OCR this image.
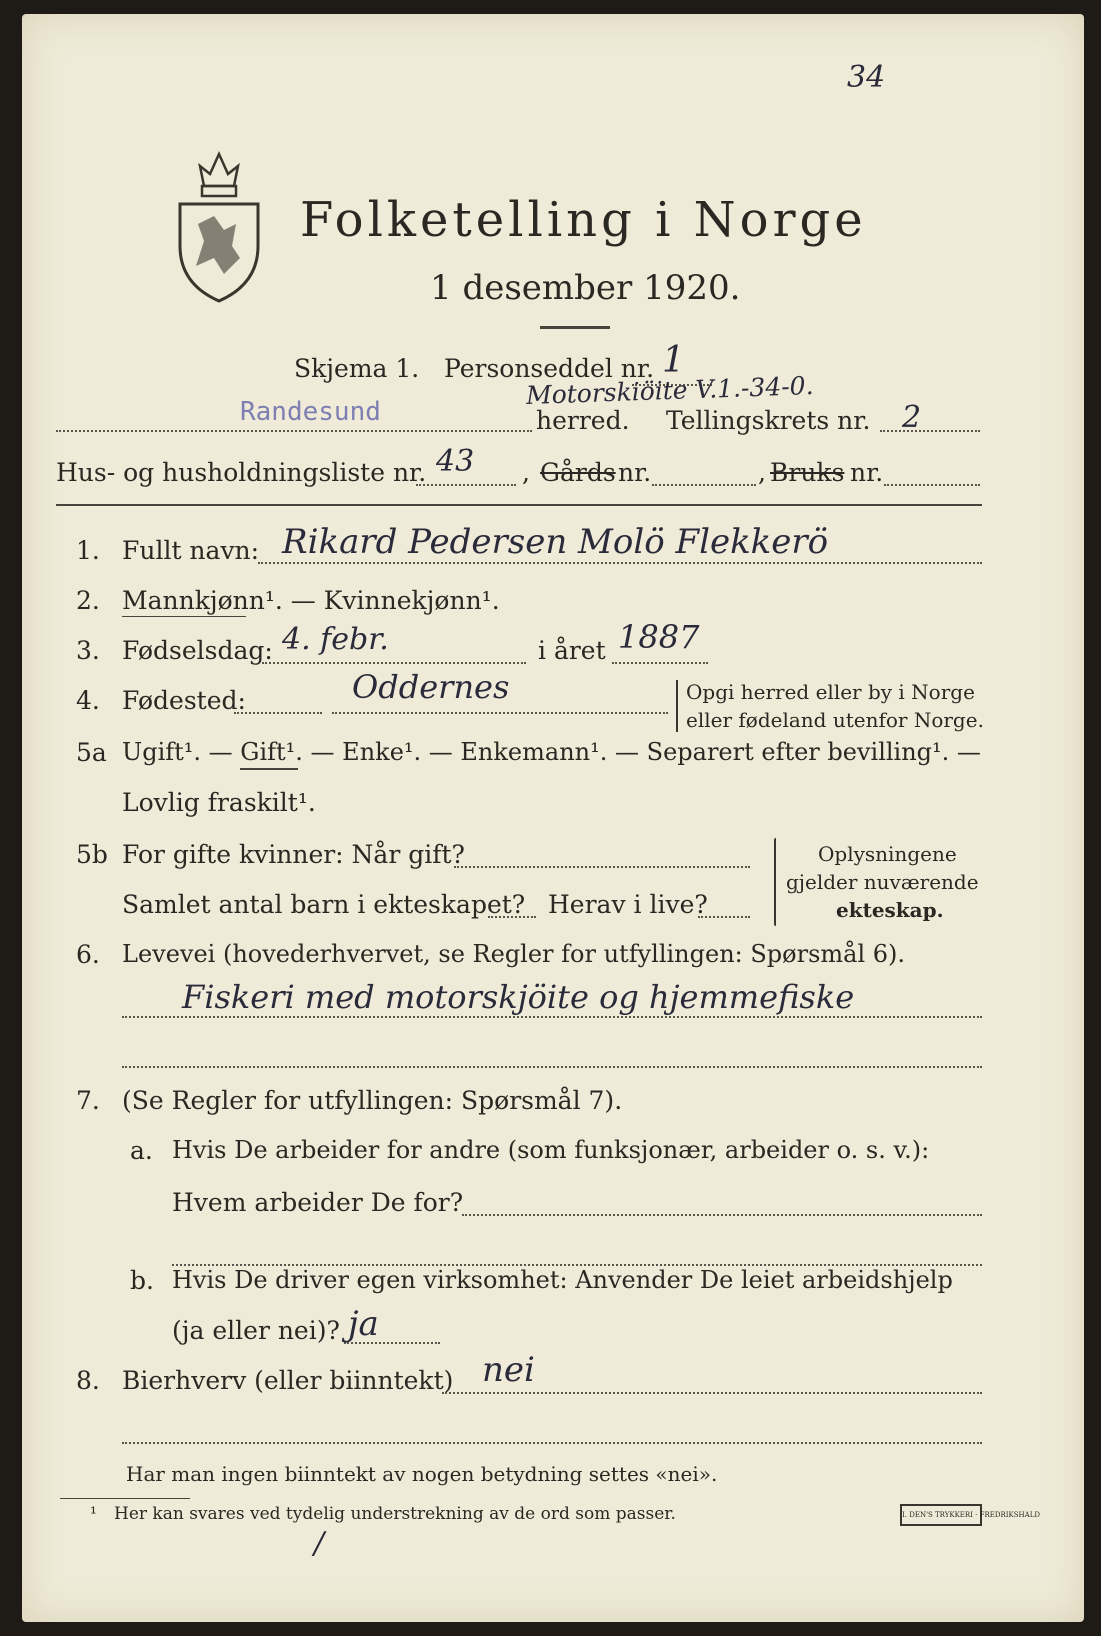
34
Folketelling i Norge
1 desember 1920.
Skjema 1. Personseddel nr. 1
Randesund
Motorskiöite V.1.-34-0.
herred. Tellingskrets nr. 2
Hus- og husholdningsliste nr. 43 , Gårds nr.	, Bruks nr.
1. Fullt navn: Rikard Pedersen Molö Flekkerö
2. Mannkjønn¹. — Kvinnekjønn¹.
3. Fødselsdag: 4. febr.	i året 1887
4. Fødested:	Oddernes	Opgi herred eller by i Norge
eller fødeland utenfor Norge.
5a Ugift¹. — Gift¹. — Enke¹. — Enkemann¹. — Separert efter bevilling¹. —
Lovlig fraskilt¹.
5b For gifte kvinner: Når gift?
Samlet antal barn i ekteskapet? Herav i live?
Oplysningene
gjelder nuværende
ekteskap.
6. Levevei (hovederhvervet, se Regler for utfyllingen: Spørsmål 6).
Fiskeri med motorskjöite og hjemmefiske
7. (Se Regler for utfyllingen: Spørsmål 7).
a. Hvis De arbeider for andre (som funksjonær, arbeider o. s. v.):
Hvem arbeider De for?
b. Hvis De driver egen virksomhet: Anvender De leiet arbeidshjelp
(ja eller nei)? ja
8. Bierhverv (eller biinntekt) nei
Har man ingen biinntekt av nogen betydning settes «nei».
¹ Her kan svares ved tydelig understrekning av de ord som passer.	I. DEN'S TRYKKERI · FREDRIKSHALD
/
